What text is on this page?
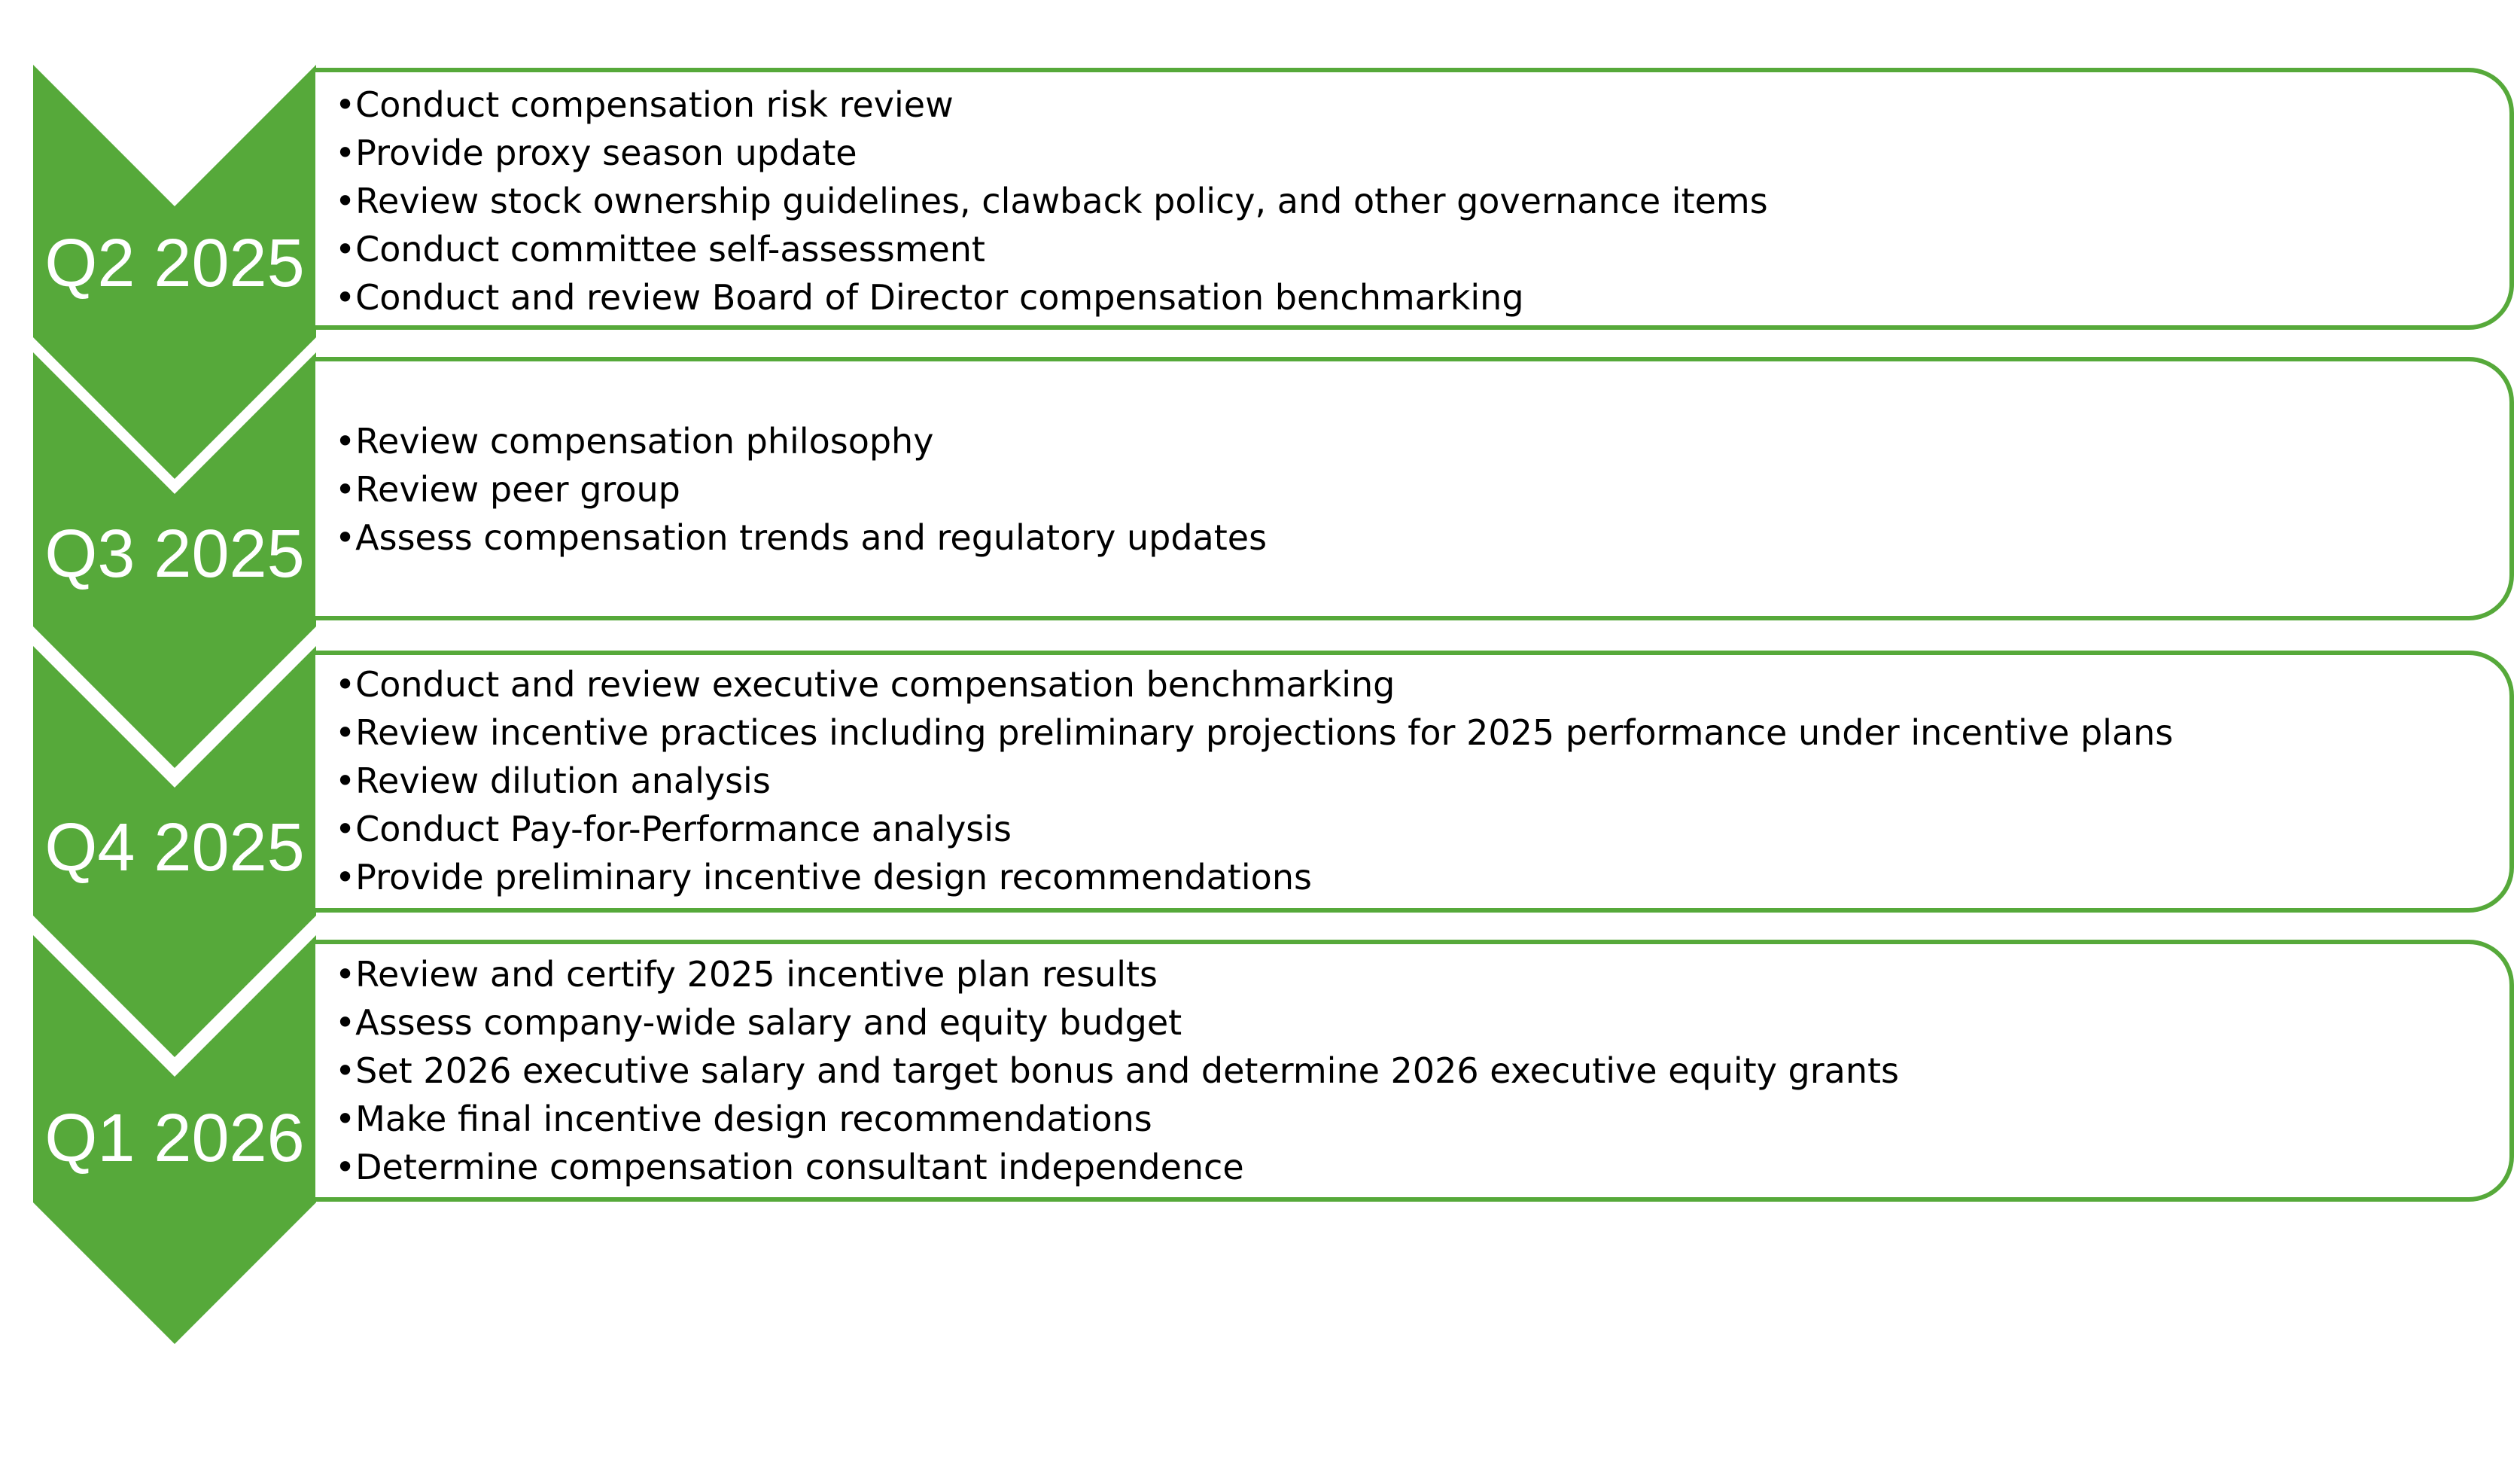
Q2 2025
Q3 2025
Q4 2025
Q1 2026
•Conduct compensation risk review
•Provide proxy season update
•Review stock ownership guidelines, clawback policy, and other governance items
•Conduct committee self-assessment
•Conduct and review Board of Director compensation benchmarking
•Review compensation philosophy
•Review peer group
•Assess compensation trends and regulatory updates
•Conduct and review executive compensation benchmarking
•Review incentive practices including preliminary projections for 2025 performance under incentive plans
•Review dilution analysis
•Conduct Pay-for-Performance analysis
•Provide preliminary incentive design recommendations
•Review and certify 2025 incentive plan results
•Assess company-wide salary and equity budget
•Set 2026 executive salary and target bonus and determine 2026 executive equity grants
•Make final incentive design recommendations
•Determine compensation consultant independence
